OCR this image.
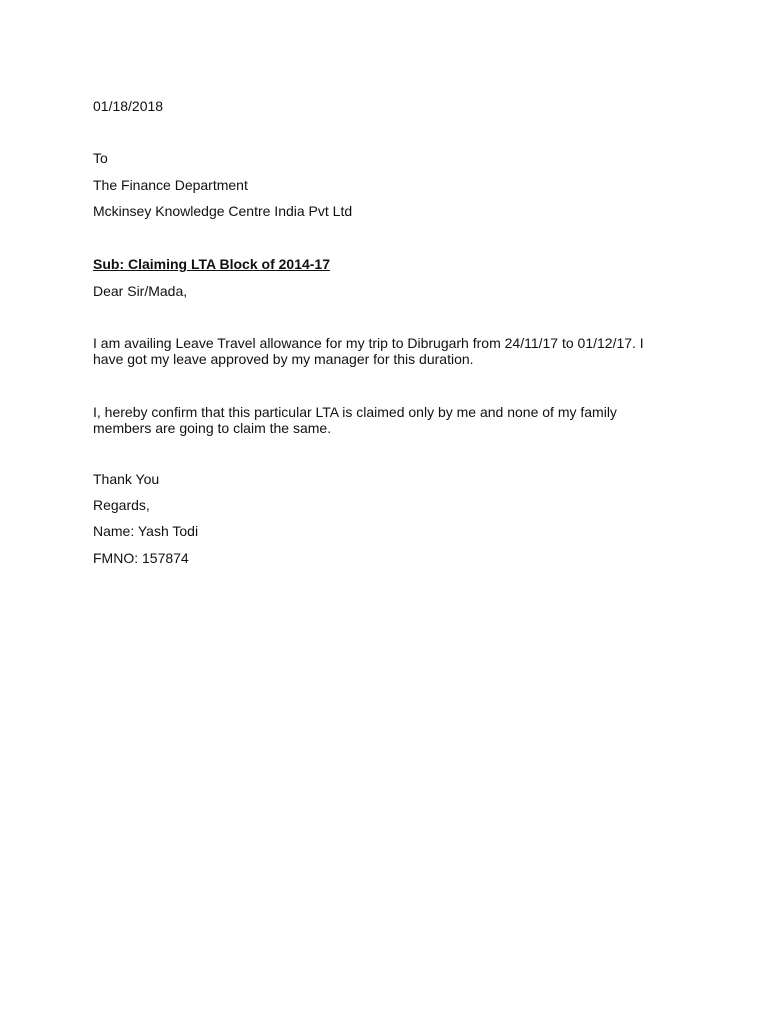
01/18/2018
To
The Finance Department
Mckinsey Knowledge Centre India Pvt Ltd
Sub: Claiming LTA Block of 2014-17
Dear Sir/Mada,
I am availing Leave Travel allowance for my trip to Dibrugarh from 24/11/17 to 01/12/17. I have got my leave approved by my manager for this duration.
I, hereby confirm that this particular LTA is claimed only by me and none of my family members are going to claim the same.
Thank You
Regards,
Name: Yash Todi
FMNO: 157874
